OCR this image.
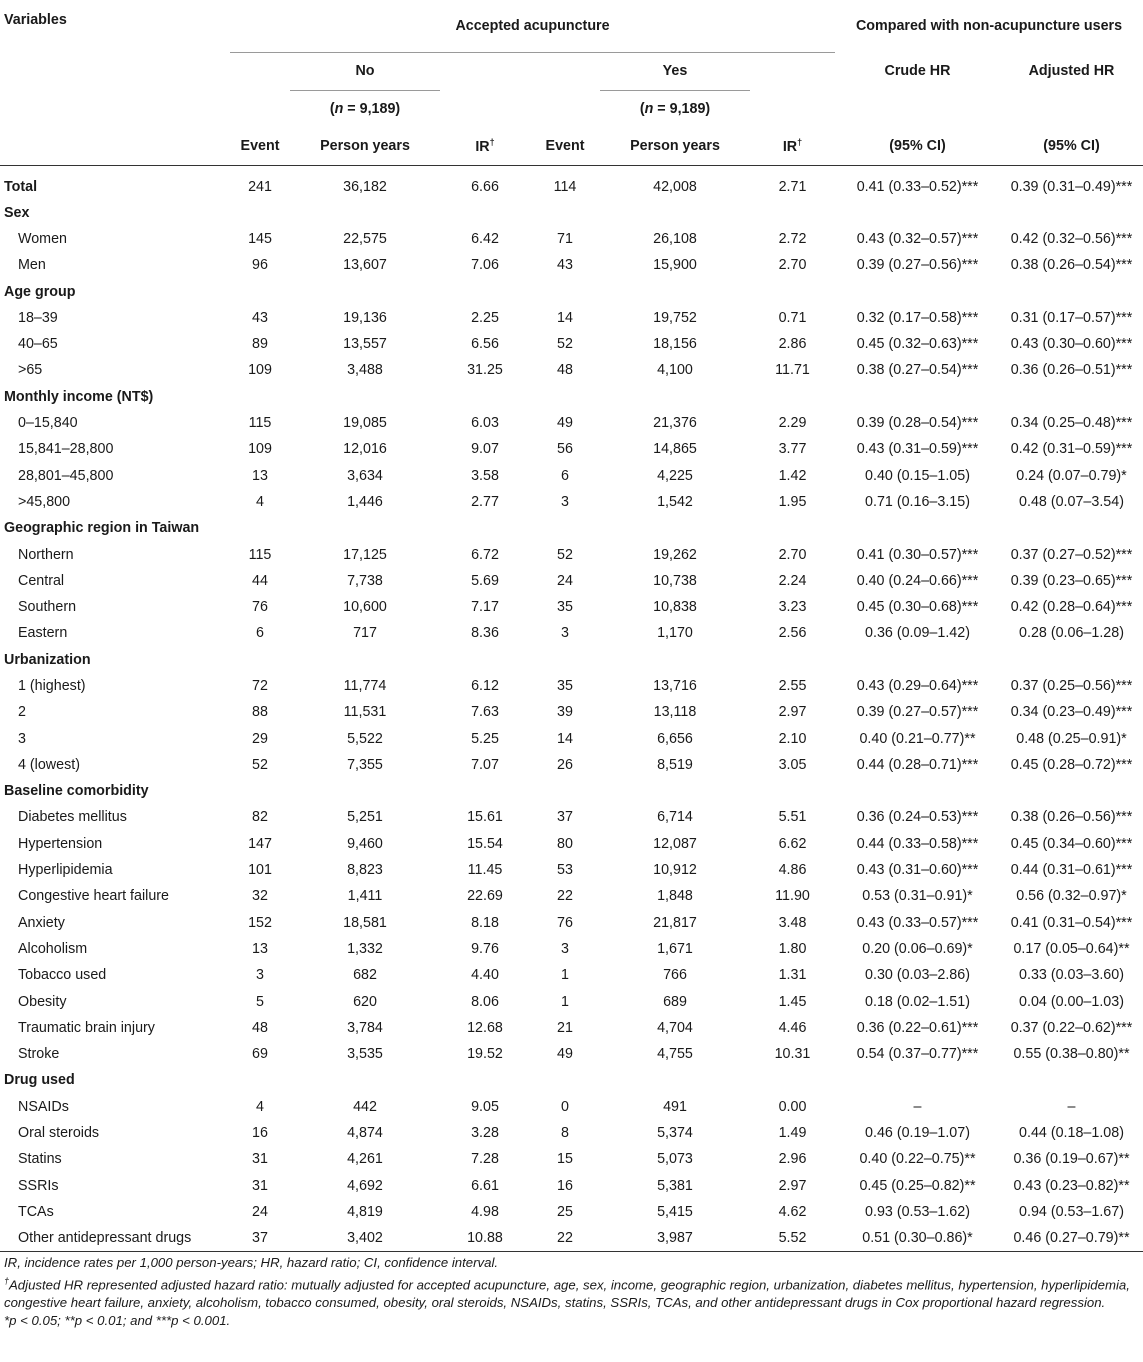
Variables	Accepted acupuncture						Compared with non-acupuncture users	
		No			Yes		Crude HR	Adjusted HR
		(n = 9,189)			(n = 9,189)			
	Event	Person years	IR†	Event	Person years	IR†	(95% CI)	(95% CI)
Total	241	36,182	6.66	114	42,008	2.71	0.41 (0.33–0.52)***	0.39 (0.31–0.49)***
Sex								
Women	145	22,575	6.42	71	26,108	2.72	0.43 (0.32–0.57)***	0.42 (0.32–0.56)***
Men	96	13,607	7.06	43	15,900	2.70	0.39 (0.27–0.56)***	0.38 (0.26–0.54)***
Age group								
18–39	43	19,136	2.25	14	19,752	0.71	0.32 (0.17–0.58)***	0.31 (0.17–0.57)***
40–65	89	13,557	6.56	52	18,156	2.86	0.45 (0.32–0.63)***	0.43 (0.30–0.60)***
>65	109	3,488	31.25	48	4,100	11.71	0.38 (0.27–0.54)***	0.36 (0.26–0.51)***
Monthly income (NT$)								
0–15,840	115	19,085	6.03	49	21,376	2.29	0.39 (0.28–0.54)***	0.34 (0.25–0.48)***
15,841–28,800	109	12,016	9.07	56	14,865	3.77	0.43 (0.31–0.59)***	0.42 (0.31–0.59)***
28,801–45,800	13	3,634	3.58	6	4,225	1.42	0.40 (0.15–1.05)	0.24 (0.07–0.79)*
>45,800	4	1,446	2.77	3	1,542	1.95	0.71 (0.16–3.15)	0.48 (0.07–3.54)
Geographic region in Taiwan								
Northern	115	17,125	6.72	52	19,262	2.70	0.41 (0.30–0.57)***	0.37 (0.27–0.52)***
Central	44	7,738	5.69	24	10,738	2.24	0.40 (0.24–0.66)***	0.39 (0.23–0.65)***
Southern	76	10,600	7.17	35	10,838	3.23	0.45 (0.30–0.68)***	0.42 (0.28–0.64)***
Eastern	6	717	8.36	3	1,170	2.56	0.36 (0.09–1.42)	0.28 (0.06–1.28)
Urbanization								
1 (highest)	72	11,774	6.12	35	13,716	2.55	0.43 (0.29–0.64)***	0.37 (0.25–0.56)***
2	88	11,531	7.63	39	13,118	2.97	0.39 (0.27–0.57)***	0.34 (0.23–0.49)***
3	29	5,522	5.25	14	6,656	2.10	0.40 (0.21–0.77)**	0.48 (0.25–0.91)*
4 (lowest)	52	7,355	7.07	26	8,519	3.05	0.44 (0.28–0.71)***	0.45 (0.28–0.72)***
Baseline comorbidity								
Diabetes mellitus	82	5,251	15.61	37	6,714	5.51	0.36 (0.24–0.53)***	0.38 (0.26–0.56)***
Hypertension	147	9,460	15.54	80	12,087	6.62	0.44 (0.33–0.58)***	0.45 (0.34–0.60)***
Hyperlipidemia	101	8,823	11.45	53	10,912	4.86	0.43 (0.31–0.60)***	0.44 (0.31–0.61)***
Congestive heart failure	32	1,411	22.69	22	1,848	11.90	0.53 (0.31–0.91)*	0.56 (0.32–0.97)*
Anxiety	152	18,581	8.18	76	21,817	3.48	0.43 (0.33–0.57)***	0.41 (0.31–0.54)***
Alcoholism	13	1,332	9.76	3	1,671	1.80	0.20 (0.06–0.69)*	0.17 (0.05–0.64)**
Tobacco used	3	682	4.40	1	766	1.31	0.30 (0.03–2.86)	0.33 (0.03–3.60)
Obesity	5	620	8.06	1	689	1.45	0.18 (0.02–1.51)	0.04 (0.00–1.03)
Traumatic brain injury	48	3,784	12.68	21	4,704	4.46	0.36 (0.22–0.61)***	0.37 (0.22–0.62)***
Stroke	69	3,535	19.52	49	4,755	10.31	0.54 (0.37–0.77)***	0.55 (0.38–0.80)**
Drug used								
NSAIDs	4	442	9.05	0	491	0.00	–	–
Oral steroids	16	4,874	3.28	8	5,374	1.49	0.46 (0.19–1.07)	0.44 (0.18–1.08)
Statins	31	4,261	7.28	15	5,073	2.96	0.40 (0.22–0.75)**	0.36 (0.19–0.67)**
SSRIs	31	4,692	6.61	16	5,381	2.97	0.45 (0.25–0.82)**	0.43 (0.23–0.82)**
TCAs	24	4,819	4.98	25	5,415	4.62	0.93 (0.53–1.62)	0.94 (0.53–1.67)
Other antidepressant drugs	37	3,402	10.88	22	3,987	5.52	0.51 (0.30–0.86)*	0.46 (0.27–0.79)**

IR, incidence rates per 1,000 person-years; HR, hazard ratio; CI, confidence interval.

†Adjusted HR represented adjusted hazard ratio: mutually adjusted for accepted acupuncture, age, sex, income, geographic region, urbanization, diabetes mellitus, hypertension, hyperlipidemia, congestive heart failure, anxiety, alcoholism, tobacco consumed, obesity, oral steroids, NSAIDs, statins, SSRIs, TCAs, and other antidepressant drugs in Cox proportional hazard regression.

*p < 0.05; **p < 0.01; and ***p < 0.001.
